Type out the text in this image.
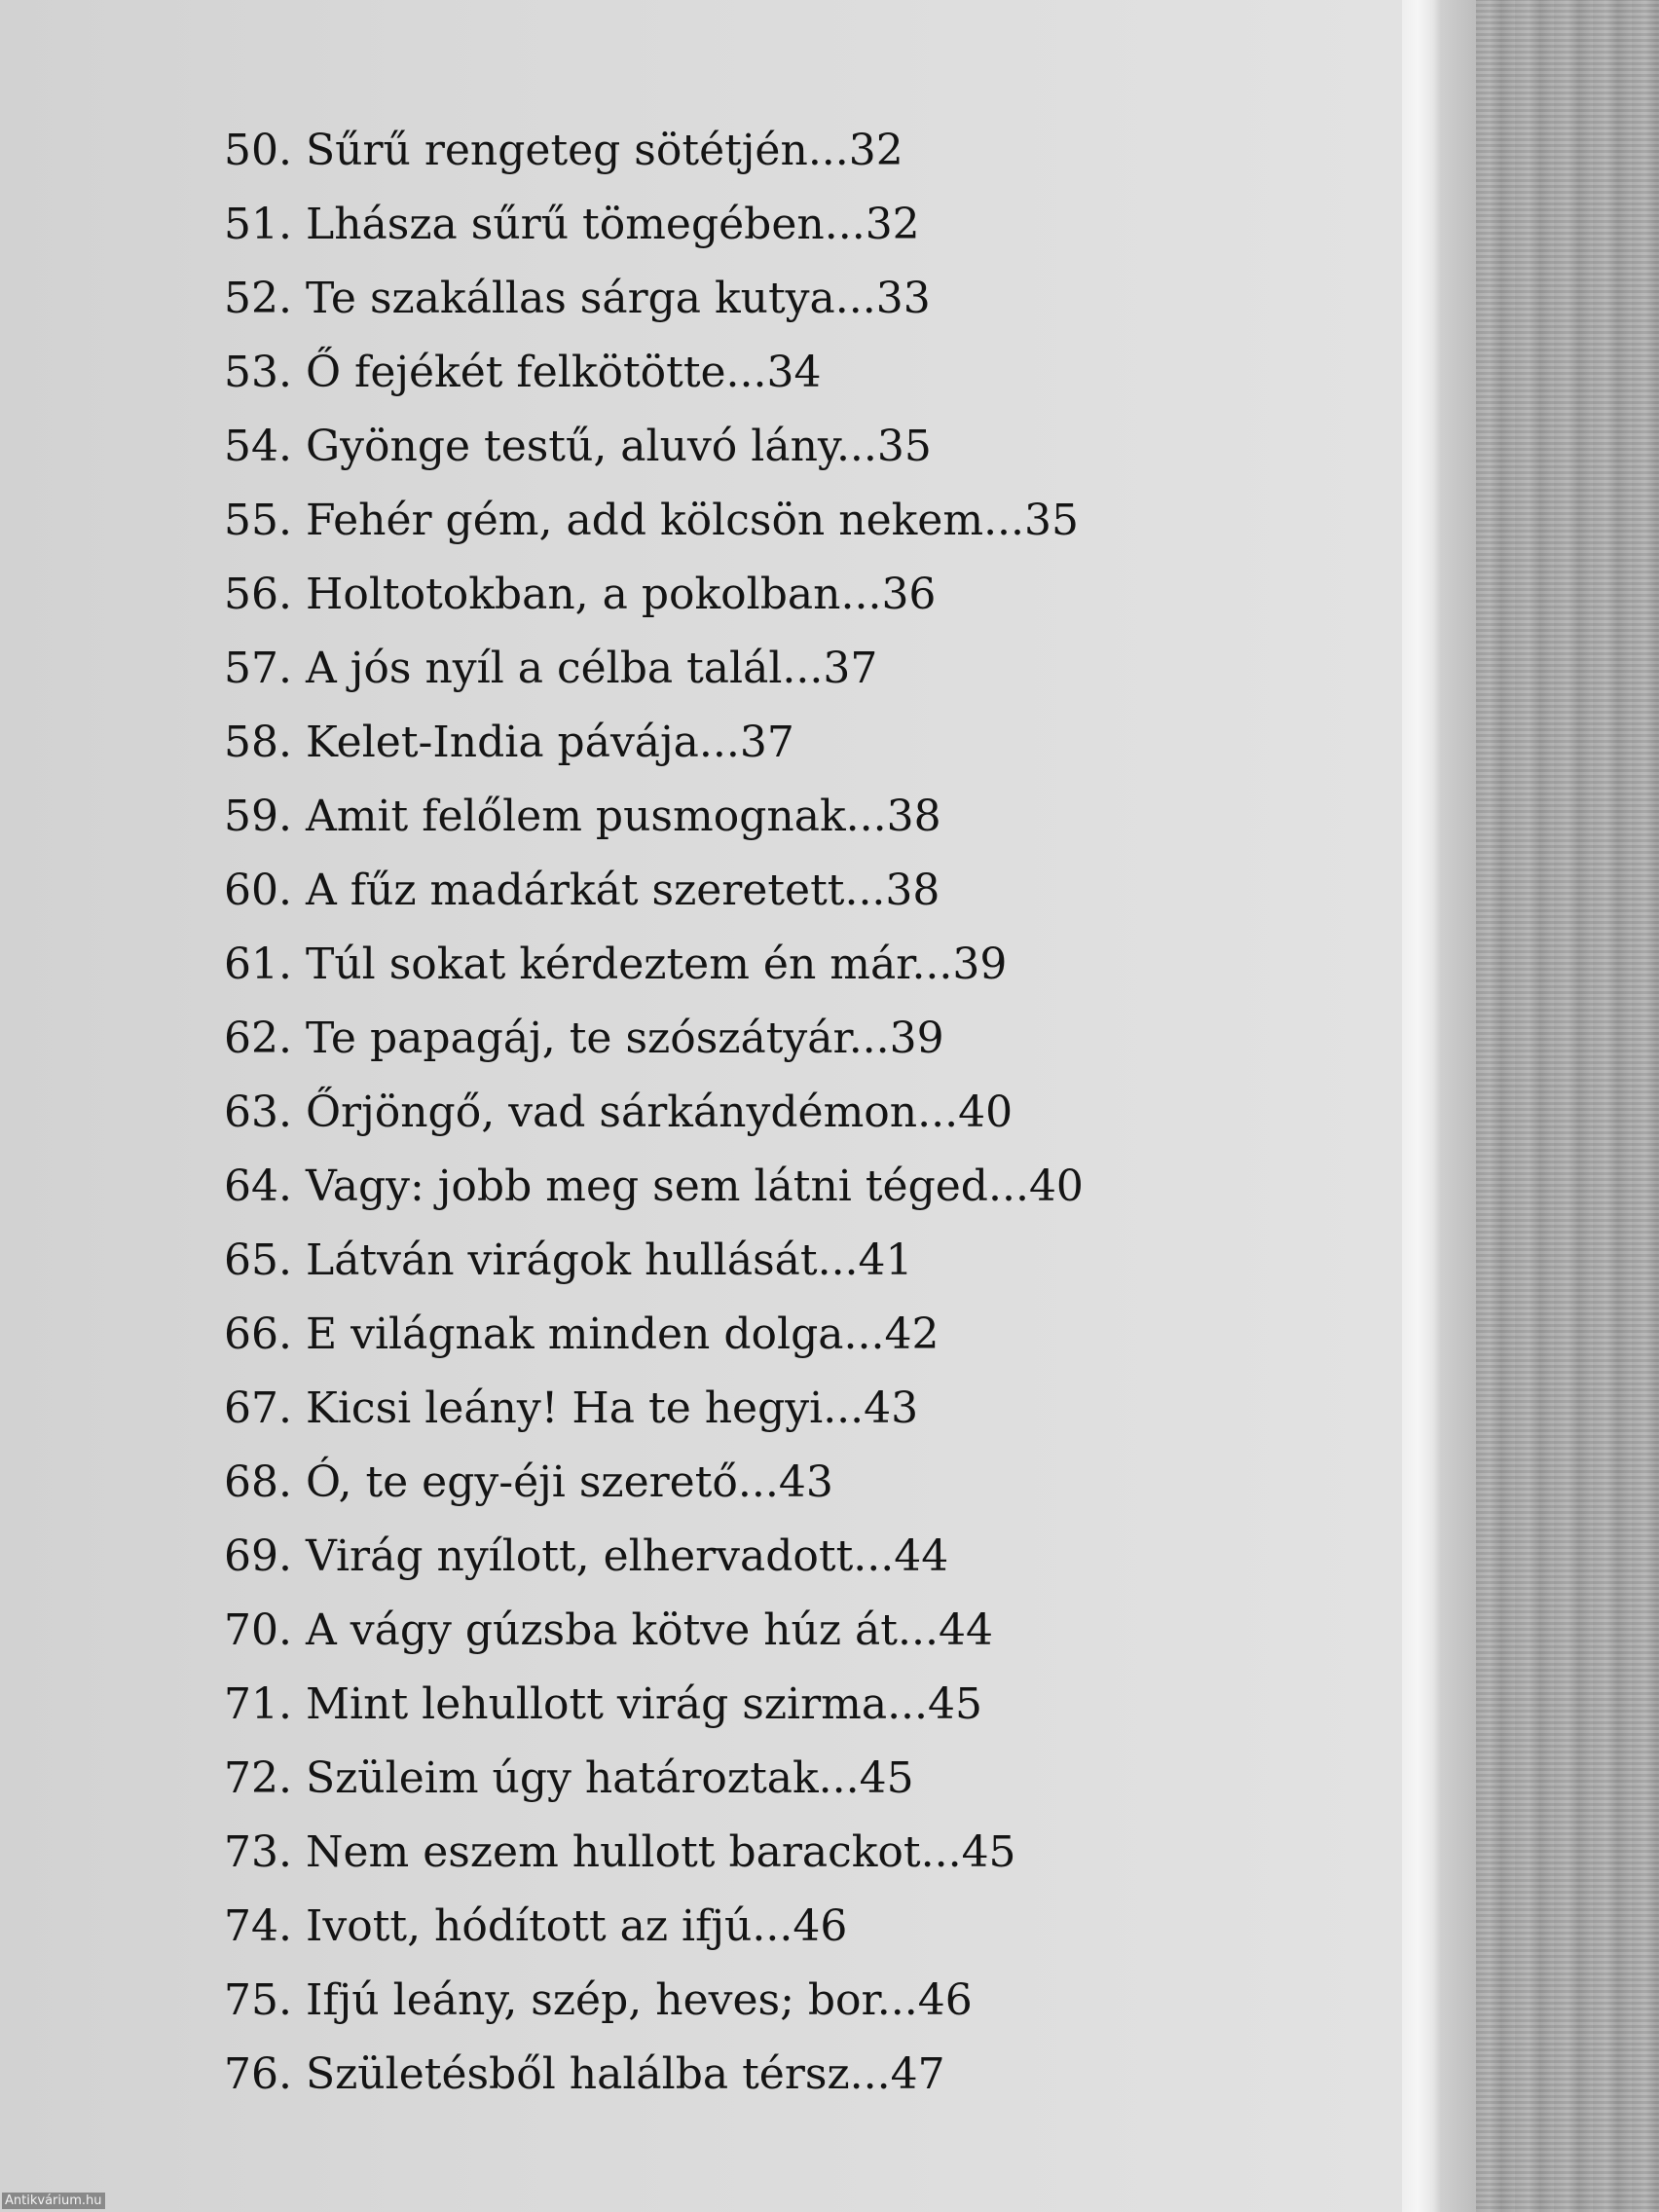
50. Sűrű rengeteg sötétjén...32
51. Lhásza sűrű tömegében...32
52. Te szakállas sárga kutya...33
53. Ő fejékét felkötötte...34
54. Gyönge testű, aluvó lány...35
55. Fehér gém, add kölcsön nekem...35
56. Holtotokban, a pokolban...36
57. A jós nyíl a célba talál...37
58. Kelet-India pávája...37
59. Amit felőlem pusmognak...38
60. A fűz madárkát szeretett...38
61. Túl sokat kérdeztem én már...39
62. Te papagáj, te szószátyár...39
63. Őrjöngő, vad sárkánydémon...40
64. Vagy: jobb meg sem látni téged...40
65. Látván virágok hullását...41
66. E világnak minden dolga...42
67. Kicsi leány! Ha te hegyi...43
68. Ó, te egy-éji szerető...43
69. Virág nyílott, elhervadott...44
70. A vágy gúzsba kötve húz át...44
71. Mint lehullott virág szirma...45
72. Szüleim úgy határoztak...45
73. Nem eszem hullott barackot...45
74. Ivott, hódított az ifjú...46
75. Ifjú leány, szép, heves; bor...46
76. Születésből halálba térsz...47
Antikvárium.hu
